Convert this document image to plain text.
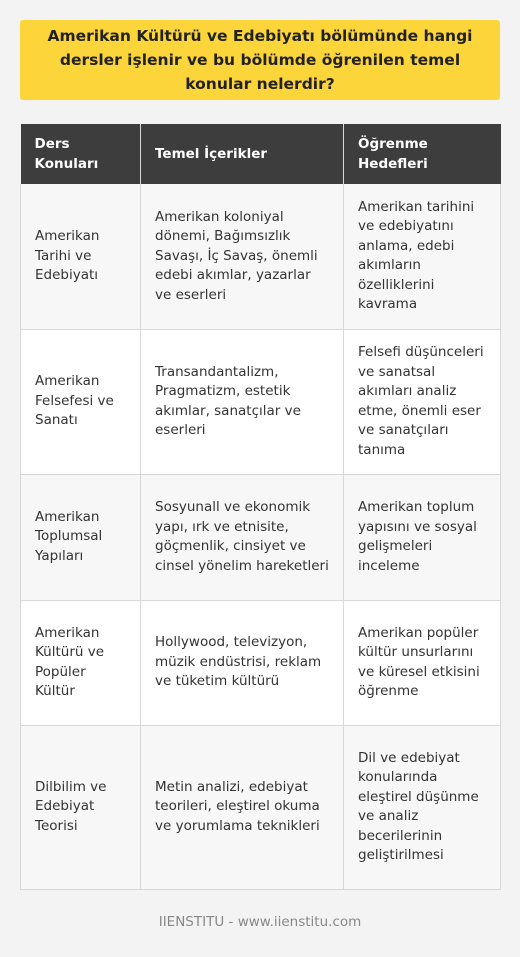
Amerikan Kültürü ve Edebiyatı bölümünde hangi dersler işlenir ve bu bölümde öğrenilen temel konular nelerdir?
Ders Konuları	Temel İçerikler	Öğrenme Hedefleri
Amerikan Tarihi ve Edebiyatı	Amerikan koloniyal dönemi, Bağımsızlık Savaşı, İç Savaş, önemli edebi akımlar, yazarlar ve eserleri	Amerikan tarihini ve edebiyatını anlama, edebi akımların özelliklerini kavrama
Amerikan Felsefesi ve Sanatı	Transandantalizm, Pragmatizm, estetik akımlar, sanatçılar ve eserleri	Felsefi düşünceleri ve sanatsal akımları analiz etme, önemli eser ve sanatçıları tanıma
Amerikan Toplumsal Yapıları	Sosyunall ve ekonomik yapı, ırk ve etnisite, göçmenlik, cinsiyet ve cinsel yönelim hareketleri	Amerikan toplum yapısını ve sosyal gelişmeleri inceleme
Amerikan Kültürü ve Popüler Kültür	Hollywood, televizyon, müzik endüstrisi, reklam ve tüketim kültürü	Amerikan popüler kültür unsurlarını ve küresel etkisini öğrenme
Dilbilim ve Edebiyat Teorisi	Metin analizi, edebiyat teorileri, eleştirel okuma ve yorumlama teknikleri	Dil ve edebiyat konularında eleştirel düşünme ve analiz becerilerinin geliştirilmesi
IIENSTITU - www.iienstitu.com
